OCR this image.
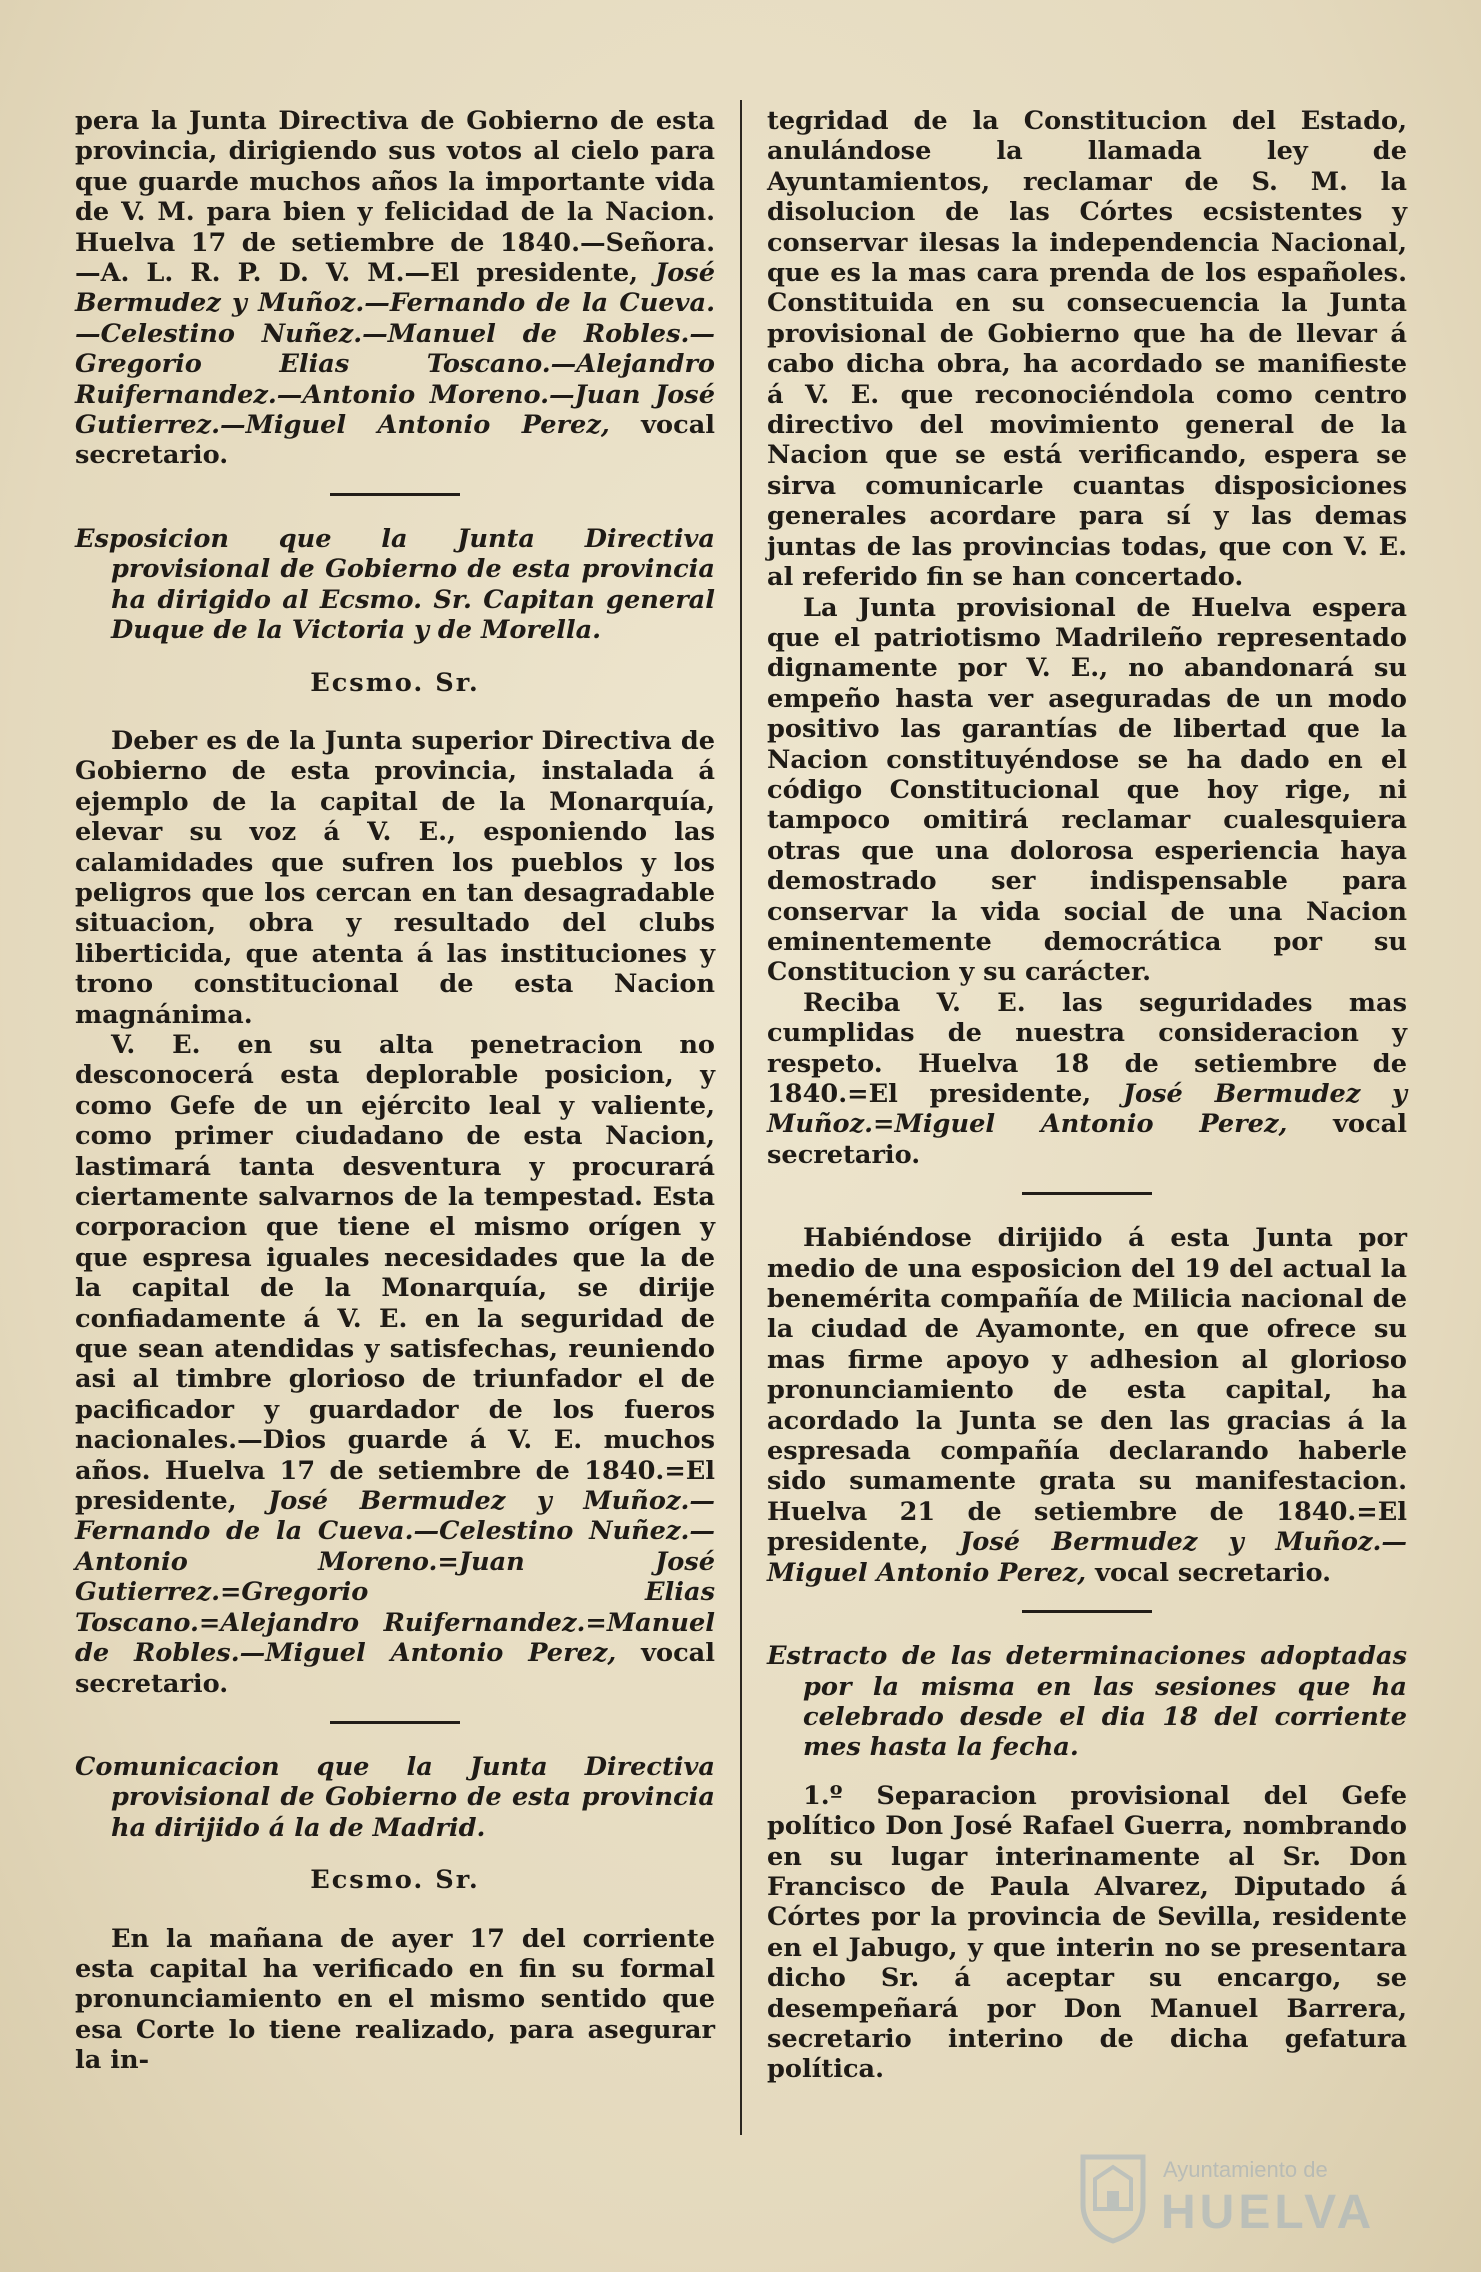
pera la Junta Directiva de Gobierno de esta provincia, dirigiendo sus votos al cielo para que guarde muchos años la importante vida de V. M. para bien y felicidad de la Nacion. Huelva 17 de setiembre de 1840.—Señora. —A. L. R. P. D. V. M.—El presidente, José Bermudez y Muñoz.—Fernando de la Cueva.—Celestino Nuñez.—Manuel de Robles.—Gregorio Elias Toscano.—Alejandro Ruifernandez.—Antonio Moreno.—Juan José Gutierrez.—Miguel Antonio Perez, vocal secretario.

Esposicion que la Junta Directiva provisional de Gobierno de esta provincia ha dirigido al Ecsmo. Sr. Capitan general Duque de la Victoria y de Morella.

Ecsmo. Sr.

Deber es de la Junta superior Directiva de Gobierno de esta provincia, instalada á ejemplo de la capital de la Monarquía, elevar su voz á V. E., esponiendo las calamidades que sufren los pueblos y los peligros que los cercan en tan desagradable situacion, obra y resultado del clubs liberticida, que atenta á las instituciones y trono constitucional de esta Nacion magnánima.

V. E. en su alta penetracion no desconocerá esta deplorable posicion, y como Gefe de un ejército leal y valiente, como primer ciudadano de esta Nacion, lastimará tanta desventura y procurará ciertamente salvarnos de la tempestad. Esta corporacion que tiene el mismo orígen y que espresa iguales necesidades que la de la capital de la Monarquía, se dirije confiadamente á V. E. en la seguridad de que sean atendidas y satisfechas, reuniendo asi al timbre glorioso de triunfador el de pacificador y guardador de los fueros nacionales.—Dios guarde á V. E. muchos años. Huelva 17 de setiembre de 1840.=El presidente, José Bermudez y Muñoz.—Fernando de la Cueva.—Celestino Nuñez.—Antonio Moreno.=Juan José Gutierrez.=Gregorio Elias Toscano.=Alejandro Ruifernandez.=Manuel de Robles.—Miguel Antonio Perez, vocal secretario.

Comunicacion que la Junta Directiva provisional de Gobierno de esta provincia ha dirijido á la de Madrid.

Ecsmo. Sr.

En la mañana de ayer 17 del corriente esta capital ha verificado en fin su formal pronunciamiento en el mismo sentido que esa Corte lo tiene realizado, para asegurar la in-

tegridad de la Constitucion del Estado, anulándose la llamada ley de Ayuntamientos, reclamar de S. M. la disolucion de las Córtes ecsistentes y conservar ilesas la independencia Nacional, que es la mas cara prenda de los españoles. Constituida en su consecuencia la Junta provisional de Gobierno que ha de llevar á cabo dicha obra, ha acordado se manifieste á V. E. que reconociéndola como centro directivo del movimiento general de la Nacion que se está verificando, espera se sirva comunicarle cuantas disposiciones generales acordare para sí y las demas juntas de las provincias todas, que con V. E. al referido fin se han concertado.

La Junta provisional de Huelva espera que el patriotismo Madrileño representado dignamente por V. E., no abandonará su empeño hasta ver aseguradas de un modo positivo las garantías de libertad que la Nacion constituyéndose se ha dado en el código Constitucional que hoy rige, ni tampoco omitirá reclamar cualesquiera otras que una dolorosa esperiencia haya demostrado ser indispensable para conservar la vida social de una Nacion eminentemente democrática por su Constitucion y su carácter.

Reciba V. E. las seguridades mas cumplidas de nuestra consideracion y respeto. Huelva 18 de setiembre de 1840.=El presidente, José Bermudez y Muñoz.=Miguel Antonio Perez, vocal secretario.

Habiéndose dirijido á esta Junta por medio de una esposicion del 19 del actual la benemérita compañía de Milicia nacional de la ciudad de Ayamonte, en que ofrece su mas firme apoyo y adhesion al glorioso pronunciamiento de esta capital, ha acordado la Junta se den las gracias á la espresada compañía declarando haberle sido sumamente grata su manifestacion. Huelva 21 de setiembre de 1840.=El presidente, José Bermudez y Muñoz.—Miguel Antonio Perez, vocal secretario.

Estracto de las determinaciones adoptadas por la misma en las sesiones que ha celebrado desde el dia 18 del corriente mes hasta la fecha.

1.º Separacion provisional del Gefe político Don José Rafael Guerra, nombrando en su lugar interinamente al Sr. Don Francisco de Paula Alvarez, Diputado á Córtes por la provincia de Sevilla, residente en el Jabugo, y que interin no se presentara dicho Sr. á aceptar su encargo, se desempeñará por Don Manuel Barrera, secretario interino de dicha gefatura política.

Ayuntamiento de
HUELVA
